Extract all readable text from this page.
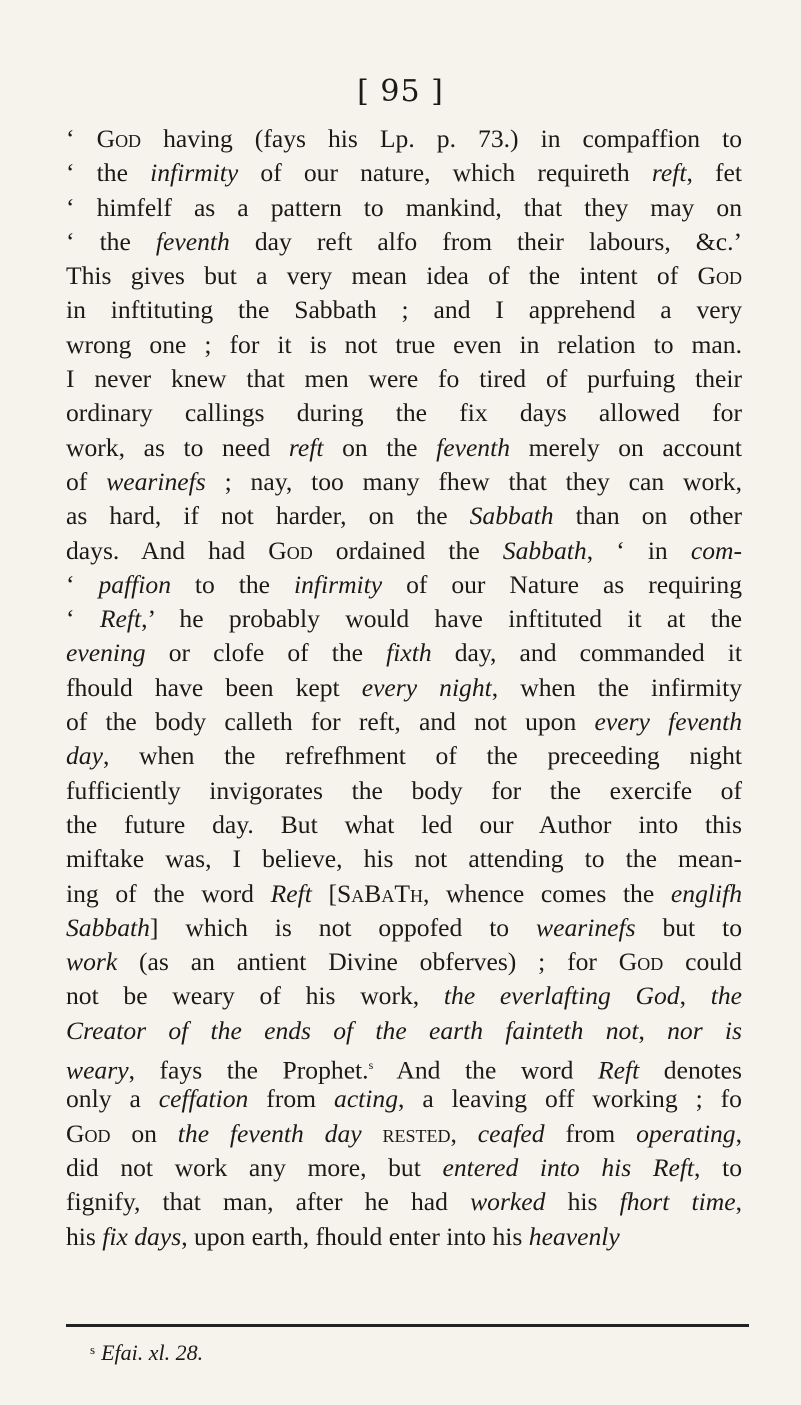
[ 95 ]
‘ God having (fays his Lp. p. 73.) in compaffion to
‘ the infirmity of our nature, which requireth reft, fet
‘ himfelf as a pattern to mankind, that they may on
‘ the feventh day reft alfo from their labours, &c.’
This gives but a very mean idea of the intent of God
in inftituting the Sabbath ; and I apprehend a very
wrong one ; for it is not true even in relation to man.
I never knew that men were fo tired of purfuing their
ordinary callings during the fix days allowed for
work, as to need reft on the feventh merely on account
of wearinefs ; nay, too many fhew that they can work,
as hard, if not harder, on the Sabbath than on other
days. And had God ordained the Sabbath, ‘ in com-
‘ paffion to the infirmity of our Nature as requiring
‘ Reft,’ he probably would have inftituted it at the
evening or clofe of the fixth day, and commanded it
fhould have been kept every night, when the infirmity
of the body calleth for reft, and not upon every feventh
day, when the refrefhment of the preceeding night
fufficiently invigorates the body for the exercife of
the future day. But what led our Author into this
miftake was, I believe, his not attending to the mean-
ing of the word Reft [SaBaTh, whence comes the englifh
Sabbath] which is not oppofed to wearinefs but to
work (as an antient Divine obferves) ; for God could
not be weary of his work, the everlafting God, the
Creator of the ends of the earth fainteth not, nor is
weary, fays the Prophet.$^s$ And the word Reft denotes
only a ceffation from acting, a leaving off working ; fo
God on the feventh day rested, ceafed from operating,
did not work any more, but entered into his Reft, to
fignify, that man, after he had worked his fhort time,
his fix days, upon earth, fhould enter into his heavenly
$^s$ Efai. xl. 28.
